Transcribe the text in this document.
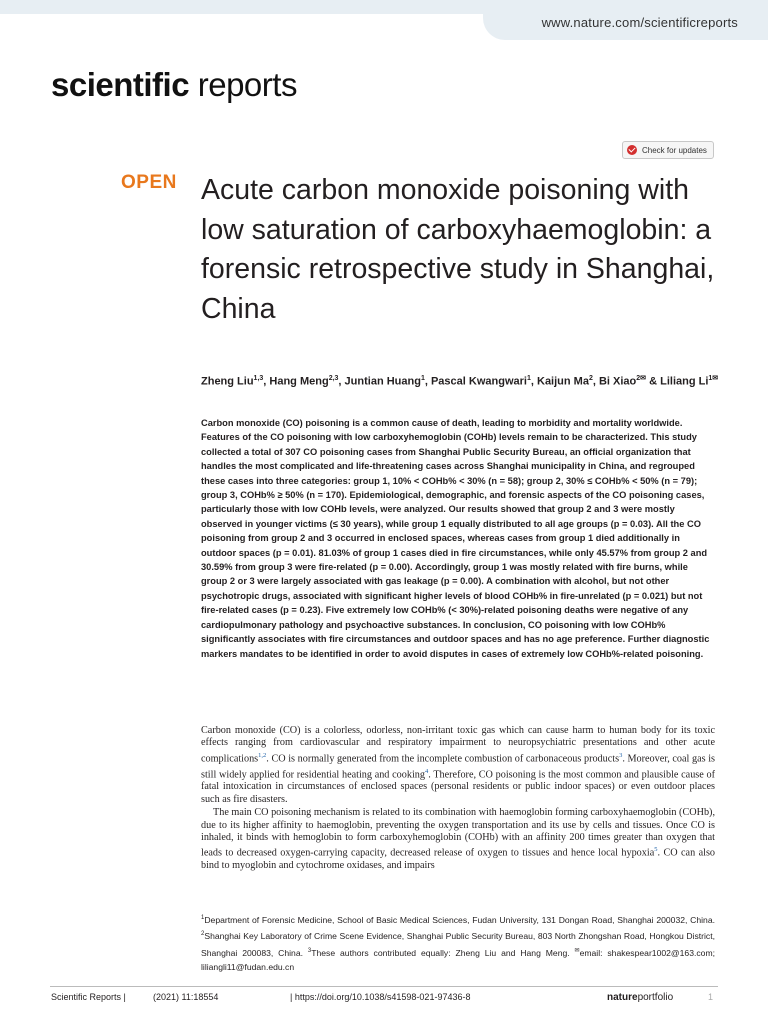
www.nature.com/scientificreports
scientific reports
Check for updates
OPEN Acute carbon monoxide poisoning with low saturation of carboxyhaemoglobin: a forensic retrospective study in Shanghai, China
Zheng Liu$^{1,3}$, Hang Meng$^{2,3}$, Juntian Huang$^1$, Pascal Kwangwari$^1$, Kaijun Ma$^2$, Bi Xiao$^{2✉}$ & Liliang $Li^{1✉}$

Carbon monoxide (CO) poisoning is a common cause of death, leading to morbidity and mortality worldwide. Features of the CO poisoning with low carboxyhemoglobin (COHb) levels remain to be characterized. This study collected a total of 307 CO poisoning cases from Shanghai Public Security Bureau, an official organization that handles the most complicated and life-threatening cases across Shanghai municipality in China, and regrouped these cases into three categories: group 1, 10% < COHb% < 30% (n = 58); group 2, 30% ≤ COHb% < 50% (n = 79); group 3, COHb% ≥ 50% (n = 170). Epidemiological, demographic, and forensic aspects of the CO poisoning cases, particularly those with low COHb levels, were analyzed. Our results showed that group 2 and 3 were mostly observed in younger victims (≤ 30 years), while group 1 equally distributed to all age groups (p = 0.03). All the CO poisoning from group 2 and 3 occurred in enclosed spaces, whereas cases from group 1 died additionally in outdoor spaces (p = 0.01). 81.03% of group 1 cases died in fire circumstances, while only 45.57% from group 2 and 30.59% from group 3 were fire-related (p = 0.00). Accordingly, group 1 was mostly related with fire burns, while group 2 or 3 were largely associated with gas leakage (p = 0.00). A combination with alcohol, but not other psychotropic drugs, associated with significant higher levels of blood COHb% in fire-unrelated (p = 0.021) but not fire-related cases (p = 0.23). Five extremely low COHb% (< 30%)-related poisoning deaths were negative of any cardiopulmonary pathology and psychoactive substances. In conclusion, CO poisoning with low COHb% significantly associates with fire circumstances and outdoor spaces and has no age preference. Further diagnostic markers mandates to be identified in order to avoid disputes in cases of extremely low COHb%-related poisoning.

Carbon monoxide (CO) is a colorless, odorless, non-irritant toxic gas which can cause harm to human body for its toxic effects ranging from cardiovascular and respiratory impairment to neuropsychiatric presentations and other acute complications$^{1,2}$. CO is normally generated from the incomplete combustion of carbonaceous products$^3$. Moreover, coal gas is still widely applied for residential heating and cooking$^4$. Therefore, CO poisoning is the most common and plausible cause of fatal intoxication in circumstances of enclosed spaces (personal residents or public indoor spaces) or even outdoor places such as fire disasters.

The main CO poisoning mechanism is related to its combination with haemoglobin forming carboxyhaemoglobin (COHb), due to its higher affinity to haemoglobin, preventing the oxygen transportation and its use by cells and tissues. Once CO is inhaled, it binds with hemoglobin to form carboxyhemoglobin (COHb) with an affinity 200 times greater than oxygen that leads to decreased oxygen-carrying capacity, decreased release of oxygen to tissues and hence local hypoxia$^5$. CO can also bind to myoglobin and cytochrome oxidases, and impairs

$^1$Department of Forensic Medicine, School of Basic Medical Sciences, Fudan University, 131 Dongan Road, Shanghai 200032, China. $^2$Shanghai Key Laboratory of Crime Scene Evidence, Shanghai Public Security Bureau, 803 North Zhongshan Road, Hongkou District, Shanghai 200083, China. $^3$These authors contributed equally: Zheng Liu and Hang Meng. ✉email: shakespear1002@163.com; liliangli11@fudan.edu.cn
Scientific Reports |	(2021) 11:18554	| https://doi.org/10.1038/s41598-021-97436-8	natureportfolio	1
